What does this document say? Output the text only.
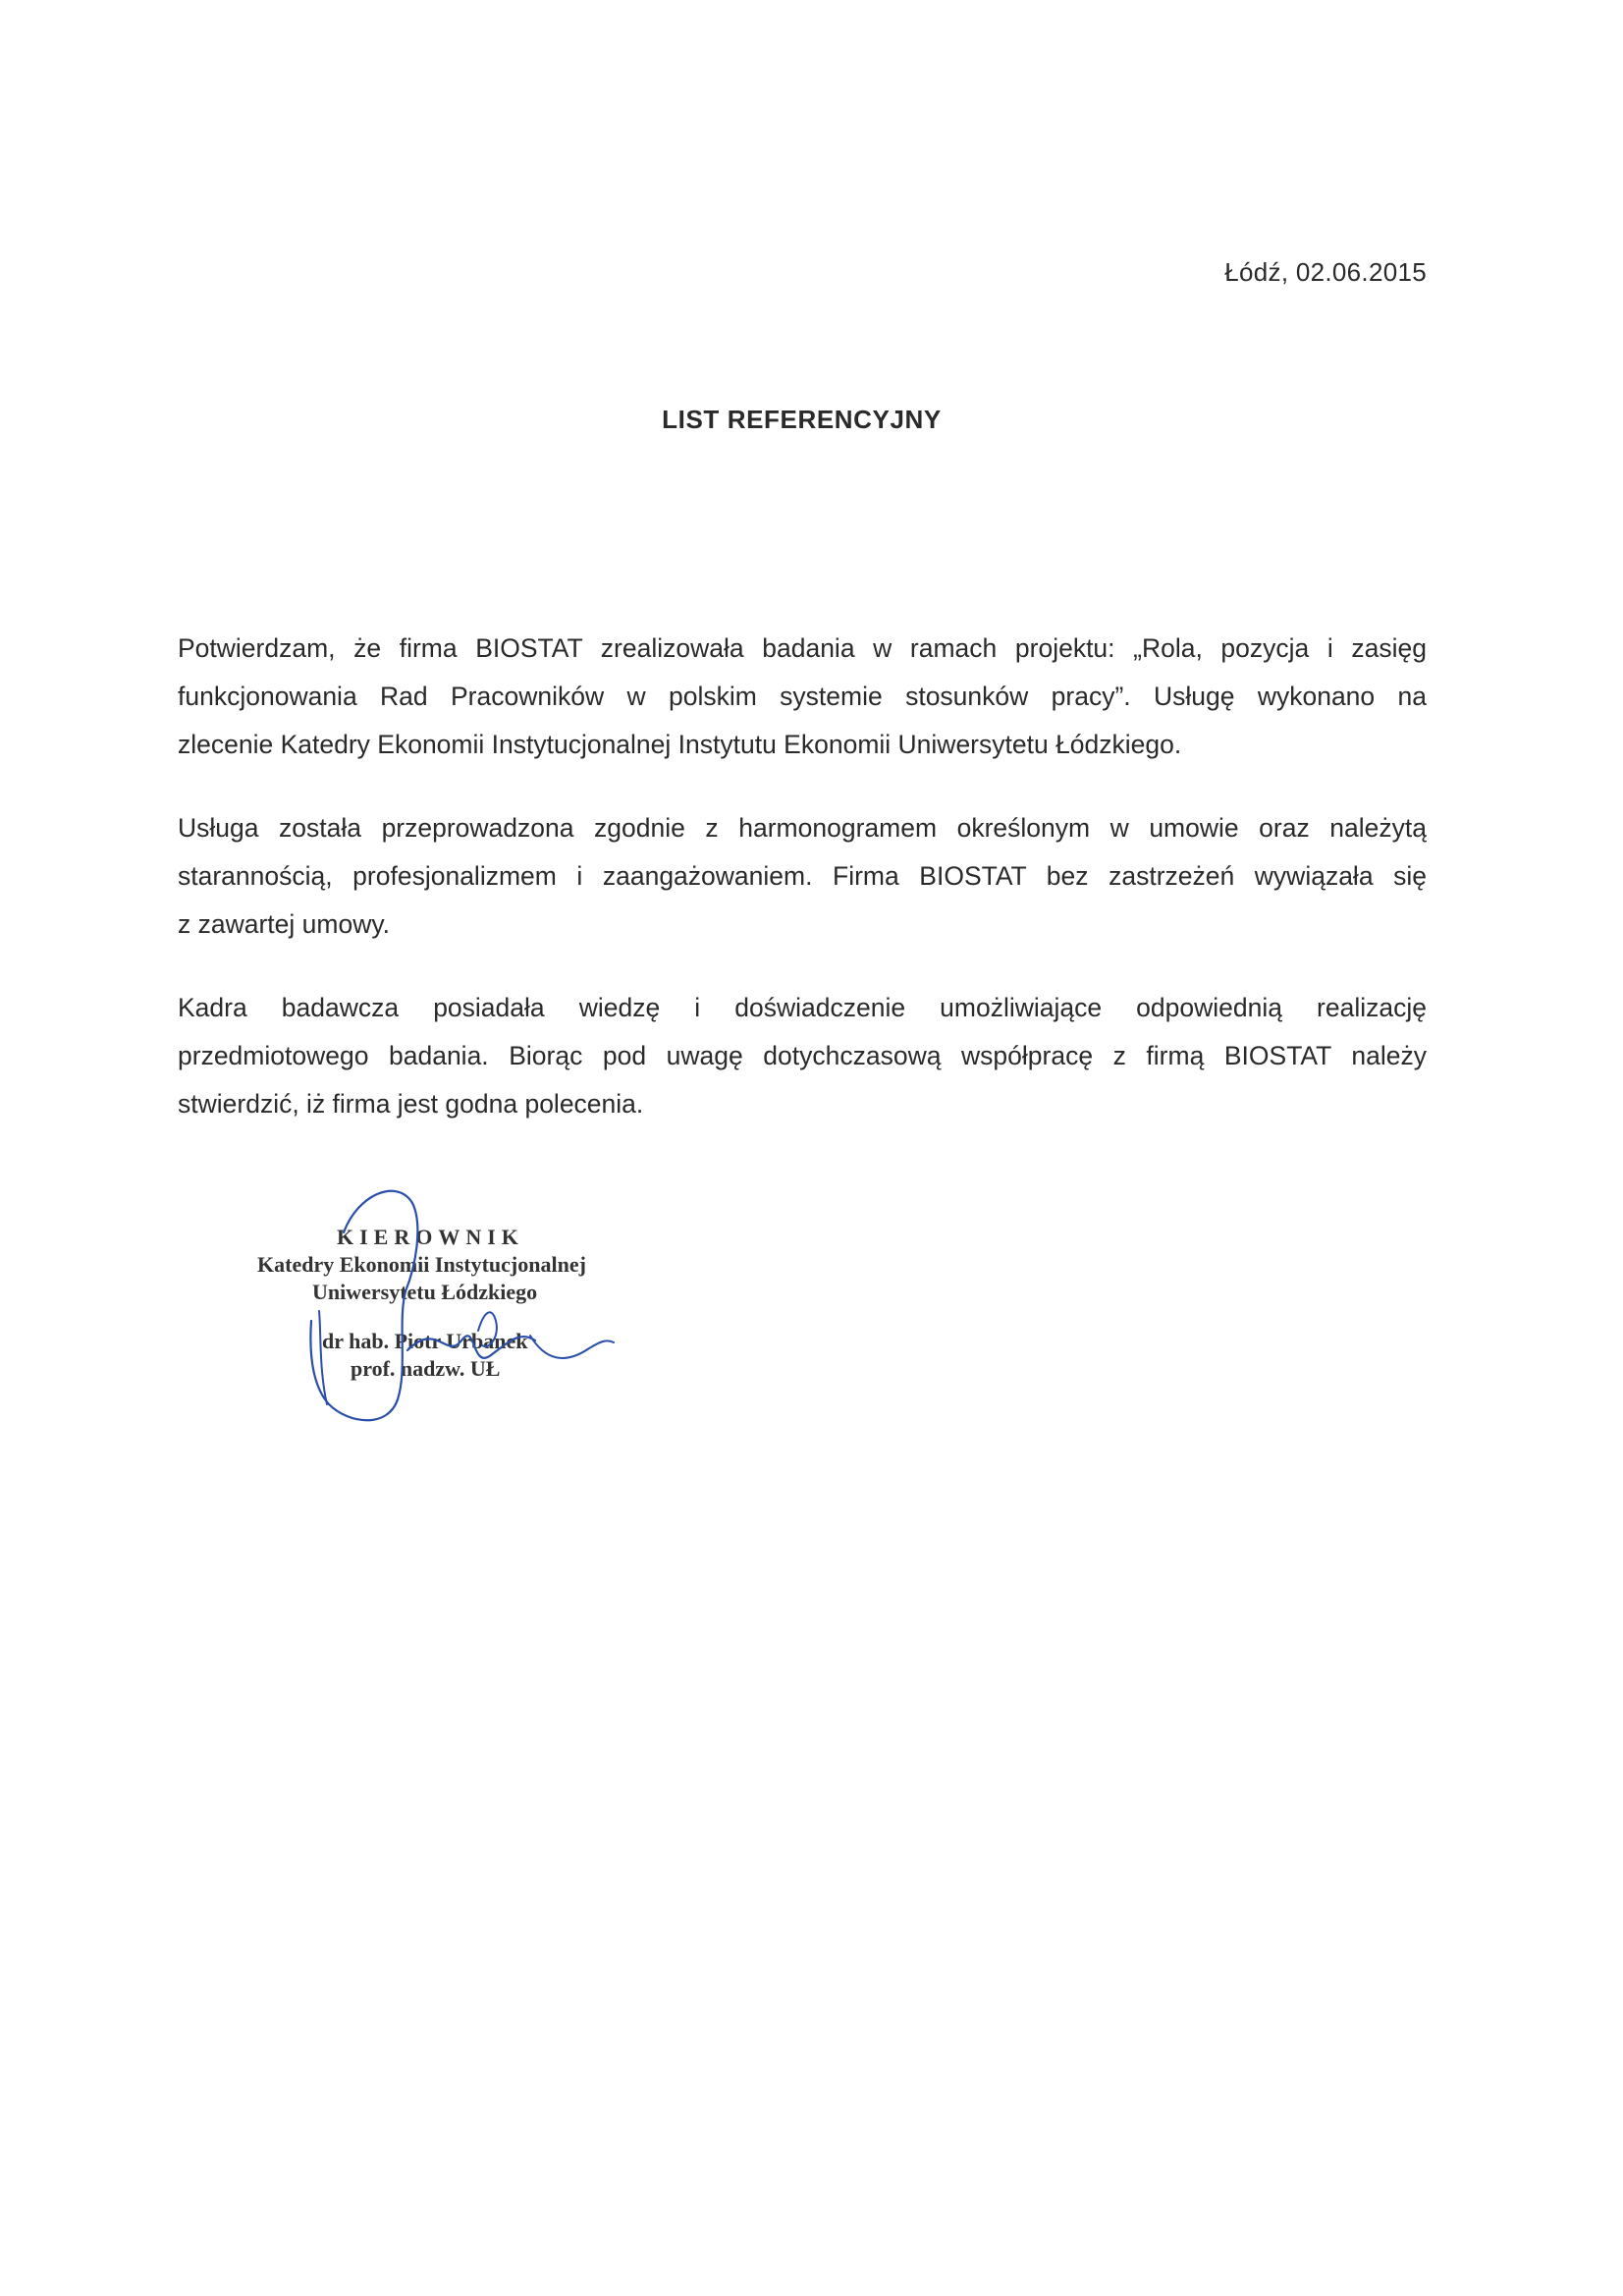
Łódź, 02.06.2015
LIST REFERENCYJNY

Potwierdzam, że firma BIOSTAT zrealizowała badania w ramach projektu: „Rola, pozycja i zasięg
funkcjonowania Rad Pracowników w polskim systemie stosunków pracy”. Usługę wykonano na
zlecenie Katedry Ekonomii Instytucjonalnej Instytutu Ekonomii Uniwersytetu Łódzkiego.

Usługa została przeprowadzona zgodnie z harmonogramem określonym w umowie oraz należytą
starannością, profesjonalizmem i zaangażowaniem. Firma BIOSTAT bez zastrzeżeń wywiązała się
z zawartej umowy.

Kadra badawcza posiadała wiedzę i doświadczenie umożliwiające odpowiednią realizację
przedmiotowego badania. Biorąc pod uwagę dotychczasową współpracę z firmą BIOSTAT należy
stwierdzić, iż firma jest godna polecenia.

KIEROWNIK
Katedry Ekonomii Instytucjonalnej
Uniwersytetu Łódzkiego
dr hab. Piotr Urbanek
prof. nadzw. UŁ
